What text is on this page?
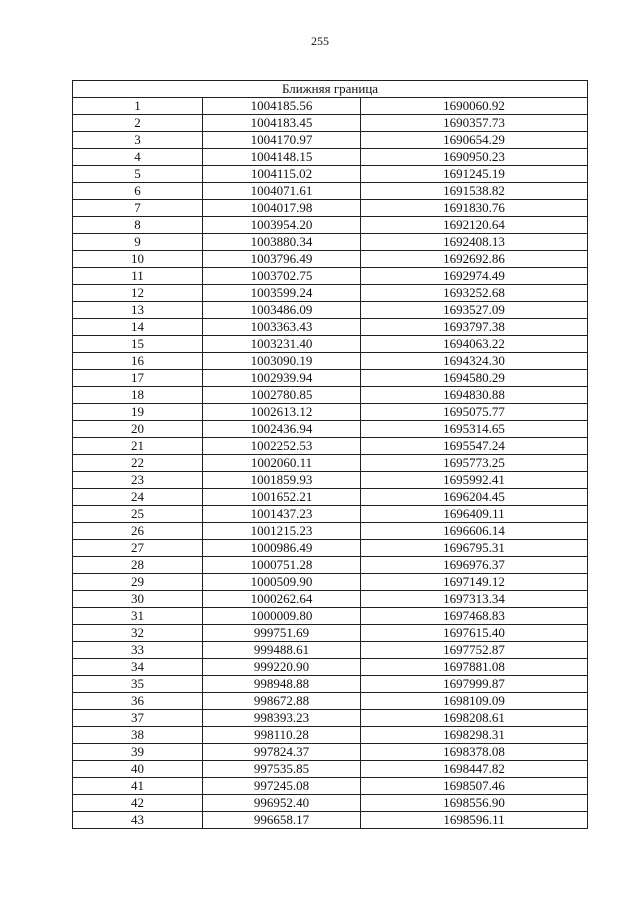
255
Ближняя граница		
1	1004185.56	1690060.92
2	1004183.45	1690357.73
3	1004170.97	1690654.29
4	1004148.15	1690950.23
5	1004115.02	1691245.19
6	1004071.61	1691538.82
7	1004017.98	1691830.76
8	1003954.20	1692120.64
9	1003880.34	1692408.13
10	1003796.49	1692692.86
11	1003702.75	1692974.49
12	1003599.24	1693252.68
13	1003486.09	1693527.09
14	1003363.43	1693797.38
15	1003231.40	1694063.22
16	1003090.19	1694324.30
17	1002939.94	1694580.29
18	1002780.85	1694830.88
19	1002613.12	1695075.77
20	1002436.94	1695314.65
21	1002252.53	1695547.24
22	1002060.11	1695773.25
23	1001859.93	1695992.41
24	1001652.21	1696204.45
25	1001437.23	1696409.11
26	1001215.23	1696606.14
27	1000986.49	1696795.31
28	1000751.28	1696976.37
29	1000509.90	1697149.12
30	1000262.64	1697313.34
31	1000009.80	1697468.83
32	999751.69	1697615.40
33	999488.61	1697752.87
34	999220.90	1697881.08
35	998948.88	1697999.87
36	998672.88	1698109.09
37	998393.23	1698208.61
38	998110.28	1698298.31
39	997824.37	1698378.08
40	997535.85	1698447.82
41	997245.08	1698507.46
42	996952.40	1698556.90
43	996658.17	1698596.11
